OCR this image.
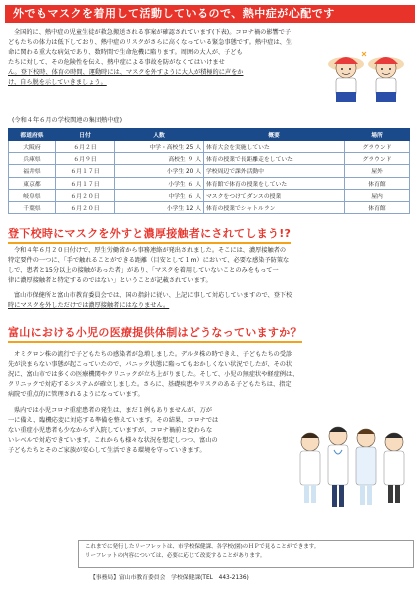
外でもマスクを着用して活動しているので、熱中症が心配です
全国的に、熱中症の児童生徒が救急搬送される事案が確認されています(下表)。コロナ禍の影響で子
どもたちの体力は低下しており、熱中症のリスクがさらに高くなっている緊急事態です。熱中症は、生
命に関わる重大な病気であり、数時間で生命危機に陥ります。周囲の大人が、子ども
たちに対して、その危険性を伝え、熱中症による事故を防がなくてはいけませ
ん。登下校時、体育の時間、運動時には、マスクを外すように大人が積極的に声をか
け、自ら脱を示していきましょう。
(令和４年６月の学校関連の集団熱中症)
都道府県	日付	人数	概要	場所
大阪府	６月２日	中学・高校生 25 人	体育大会を実施していた	グラウンド
兵庫県	６月９日	高校生 ９ 人	体育の授業で長距離走をしていた	グラウンド
福井県	６月１７日	小学生 20 人	学校周辺で課外活動中	屋外
東京都	６月１７日	小学生 ６ 人	体育館で体育の授業をしていた	体育館
岐阜県	６月２０日	中学生 ６ 人	マスクをつけてダンスの授業	屋内
千葉県	６月２０日	小学生 12 人	体育の授業でシャトルラン	体育館
登下校時にマスクを外すと濃厚接触者にされてしまう!?
令和４年６月２０日付けで、厚生労働省から事務連絡が発出されました。そこには、濃厚接触者の
特定要件の一つに、「手で触れることができる距離（目安として１m）において、必要な感染予防策な
しで、患者と15分以上の接触があった者」があり、「マスクを着用していないことのみをもって一
律に濃厚接触者と特定するのではない」ということが記載されています。
富山市保健所と富山市教育委員会では、国の指針に従い、上記に事して対応していますので、登下校
時にマスクを外しただけでは濃厚接触者にはなりません。
富山における小児の医療提供体制はどうなっていますか？
オミクロン株の流行で子どもたちの感染者が急増しました。デルタ株の時できえ、子どもたちの受診
先が決まらない事態が起こっていたので、パニック状態に陥ってもおかしくない状況でしたが、その状
況に、富山市では多くの医療機関やクリニックが立ち上がりました。そして、小児の無症状や軽症例は、
クリニックで対応するシステムが確立しました。さらに、基礎疾患やリスクのある子どもたちは、指定
病院で重点的に管理されるようになっています。
県内では小児コロナ重症患者の発生は、まだ１例もありませんが、万が
一に備え、臨機応変に対応する準備を整えています。その結果、コロナでは
ない重症小児患者も少なからず入院していますが、コロナ禍前と変わらな
いレベルで対応できています。これからも様々な状況を想定しつつ、富山の
子どもたちとそのご家族が安心して生活できる環境を守っていきます。
これまでに発行したリーフレットは、市学校保健課、各学校(園)のＨＰで見ることができます。
リーフレットの内容については、必要に応じて改変することがあります。
【事務局】富山市教育委員会　学校保健課(TEL　443-2136)
